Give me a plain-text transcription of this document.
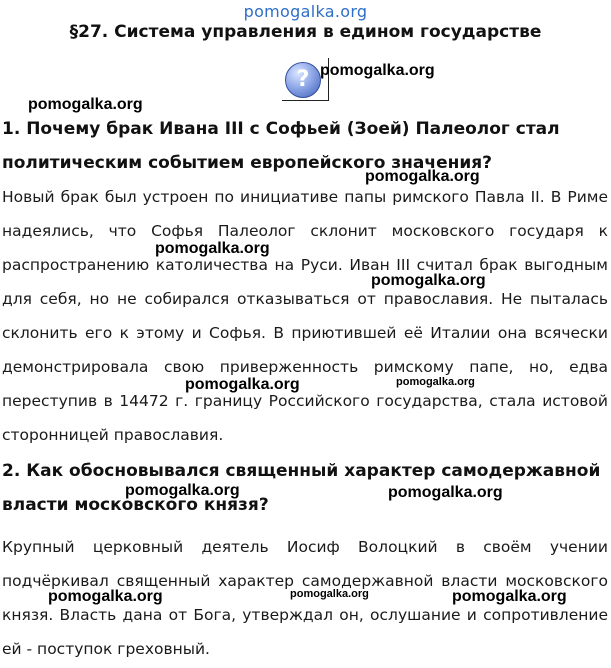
pomogalka.org
§27. Система управления в едином государстве
?
1. Почему брак Ивана III с Софьей (Зоей) Палеолог стал политическим событием европейского значения?
Новый брак был устроен по инициативе папы римского Павла II. В Риме надеялись, что Софья Палеолог склонит московского государя к распространению католичества на Руси. Иван III считал брак выгодным для себя, но не собирался отказываться от православия. Не пыталась склонить его к этому и Софья. В приютившей её Италии она всячески демонстрировала свою приверженность римскому папе, но, едва переступив в 14472 г. границу Российского государства, стала истовой сторонницей православия.
2. Как обосновывался священный характер самодержавной власти московского князя?
Крупный церковный деятель Иосиф Волоцкий в своём учении подчёркивал священный характер самодержавной власти московского князя. Власть дана от Бога, утверждал он, ослушание и сопротивление ей - поступок греховный.
pomogalka.org
pomogalka.org
pomogalka.org
pomogalka.org
pomogalka.org
pomogalka.org	pomogalka.org
pomogalka.org	pomogalka.org
pomogalka.org	pomogalka.org	pomogalka.org
